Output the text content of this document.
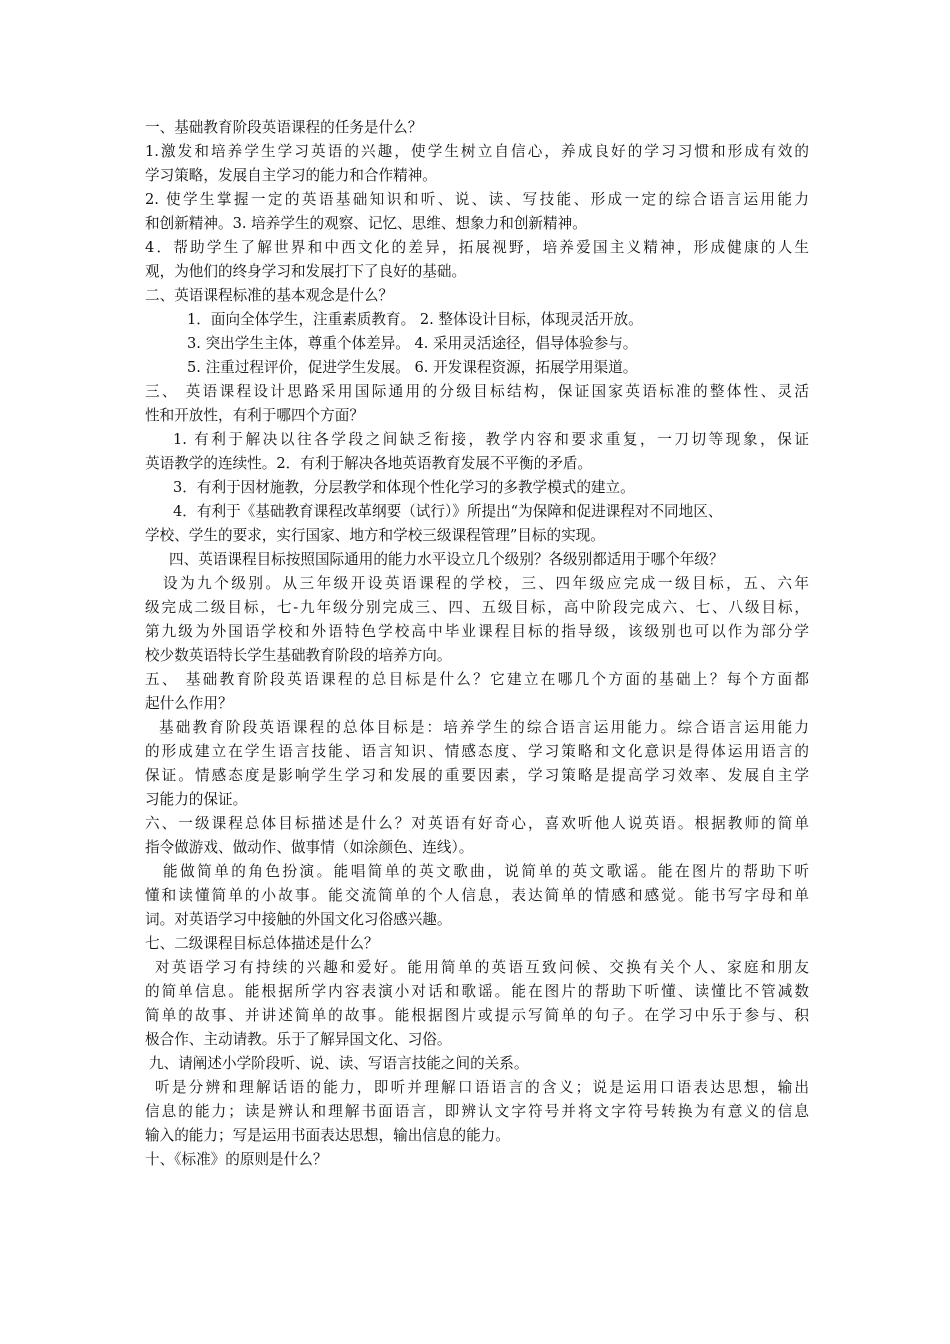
一、基础教育阶段英语课程的任务是什么？
1.激发和培养学生学习英语的兴趣，使学生树立自信心，养成良好的学习习惯和形成有效的
学习策略，发展自主学习的能力和合作精神。
2. 使学生掌握一定的英语基础知识和听、说、读、写技能、形成一定的综合语言运用能力
和创新精神。3. 培养学生的观察、记忆、思维、想象力和创新精神。
4．帮助学生了解世界和中西文化的差异，拓展视野，培养爱国主义精神，形成健康的人生
观，为他们的终身学习和发展打下了良好的基础。
二、英语课程标准的基本观念是什么？
1．面向全体学生，注重素质教育。 2. 整体设计目标，体现灵活开放。
3. 突出学生主体，尊重个体差异。 4. 采用灵活途径，倡导体验参与。
5. 注重过程评价，促进学生发展。 6. 开发课程资源，拓展学用渠道。
三、 英语课程设计思路采用国际通用的分级目标结构，保证国家英语标准的整体性、灵活
性和开放性，有利于哪四个方面？
1. 有利于解决以往各学段之间缺乏衔接，教学内容和要求重复，一刀切等现象，保证
英语教学的连续性。2．有利于解决各地英语教育发展不平衡的矛盾。
3．有利于因材施教，分层教学和体现个性化学习的多教学模式的建立。
4．有利于《基础教育课程改革纲要（试行）》所提出“为保障和促进课程对不同地区、
学校、学生的要求，实行国家、地方和学校三级课程管理”目标的实现。
四、英语课程目标按照国际通用的能力水平设立几个级别？各级别都适用于哪个年级？
设为九个级别。从三年级开设英语课程的学校，三、四年级应完成一级目标，五、六年
级完成二级目标，七-九年级分别完成三、四、五级目标，高中阶段完成六、七、八级目标，
第九级为外国语学校和外语特色学校高中毕业课程目标的指导级，该级别也可以作为部分学
校少数英语特长学生基础教育阶段的培养方向。
五、 基础教育阶段英语课程的总目标是什么？它建立在哪几个方面的基础上？每个方面都
起什么作用？
基础教育阶段英语课程的总体目标是：培养学生的综合语言运用能力。综合语言运用能力
的形成建立在学生语言技能、语言知识、情感态度、学习策略和文化意识是得体运用语言的
保证。情感态度是影响学生学习和发展的重要因素，学习策略是提高学习效率、发展自主学
习能力的保证。
六、一级课程总体目标描述是什么？对英语有好奇心，喜欢听他人说英语。根据教师的简单
指令做游戏、做动作、做事情（如涂颜色、连线）。
能做简单的角色扮演。能唱简单的英文歌曲，说简单的英文歌谣。能在图片的帮助下听
懂和读懂简单的小故事。能交流简单的个人信息，表达简单的情感和感觉。能书写字母和单
词。对英语学习中接触的外国文化习俗感兴趣。
七、二级课程目标总体描述是什么？
对英语学习有持续的兴趣和爱好。能用简单的英语互致问候、交换有关个人、家庭和朋友
的简单信息。能根据所学内容表演小对话和歌谣。能在图片的帮助下听懂、读懂比不管减数
简单的故事、并讲述简单的故事。能根据图片或提示写简单的句子。在学习中乐于参与、积
极合作、主动请教。乐于了解异国文化、习俗。
九、请阐述小学阶段听、说、读、写语言技能之间的关系。
听是分辨和理解话语的能力，即听并理解口语语言的含义；说是运用口语表达思想，输出
信息的能力；读是辨认和理解书面语言，即辨认文字符号并将文字符号转换为有意义的信息
输入的能力；写是运用书面表达思想，输出信息的能力。
十、《标准》的原则是什么？
